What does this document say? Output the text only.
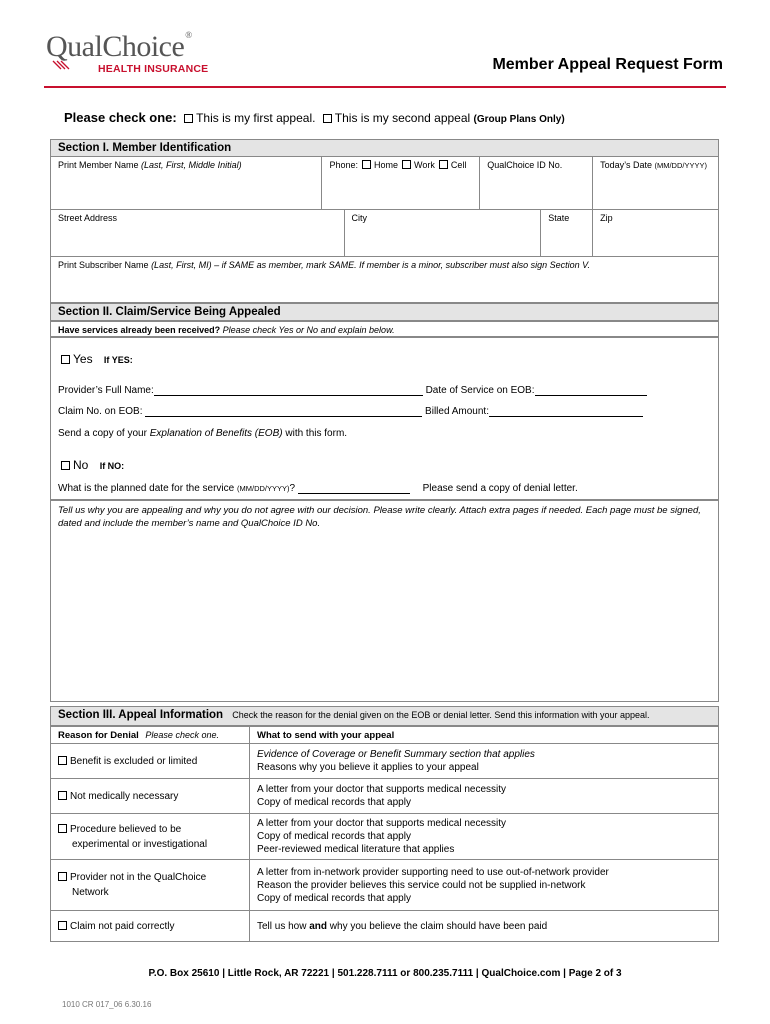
QualChoice®
HEALTH INSURANCE	Member Appeal Request Form
Please check one: This is my first appeal. This is my second appeal (Group Plans Only)
Section I. Member Identification
Print Member Name (Last, First, Middle Initial)	Phone: Home Work Cell	QualChoice ID No.	Today’s Date (MM/DD/YYYY)
Street Address	City	State	Zip
Print Subscriber Name (Last, First, MI) – if SAME as member, mark SAME. If member is a minor, subscriber must also sign Section V.
Section II. Claim/Service Being Appealed
Have services already been received? Please check Yes or No and explain below.
Yes If YES:
Provider’s Full Name:	Date of Service on EOB:
Claim No. on EOB:	Billed Amount:
Send a copy of your Explanation of Benefits (EOB) with this form.
No If NO:
What is the planned date for the service (MM/DD/YYYY)?	Please send a copy of denial letter.
Tell us why you are appealing and why you do not agree with our decision. Please write clearly. Attach extra pages if needed. Each page must be signed, dated and include the member’s name and QualChoice ID No.
Section III. Appeal Information Check the reason for the denial given on the EOB or denial letter. Send this information with your appeal.
Reason for Denial Please check one.	What to send with your appeal
Benefit is excluded or limited	Evidence of Coverage or Benefit Summary section that applies
Reasons why you believe it applies to your appeal
Not medically necessary	A letter from your doctor that supports medical necessity
Copy of medical records that apply
Procedure believed to be
experimental or investigational	A letter from your doctor that supports medical necessity
Copy of medical records that apply
Peer-reviewed medical literature that applies
Provider not in the QualChoice
Network	A letter from in-network provider supporting need to use out-of-network provider
Reason the provider believes this service could not be supplied in-network
Copy of medical records that apply
Claim not paid correctly	Tell us how and why you believe the claim should have been paid
P.O. Box 25610 | Little Rock, AR 72221 | 501.228.7111 or 800.235.7111 | QualChoice.com | Page 2 of 3
1010 CR 017_06 6.30.16
